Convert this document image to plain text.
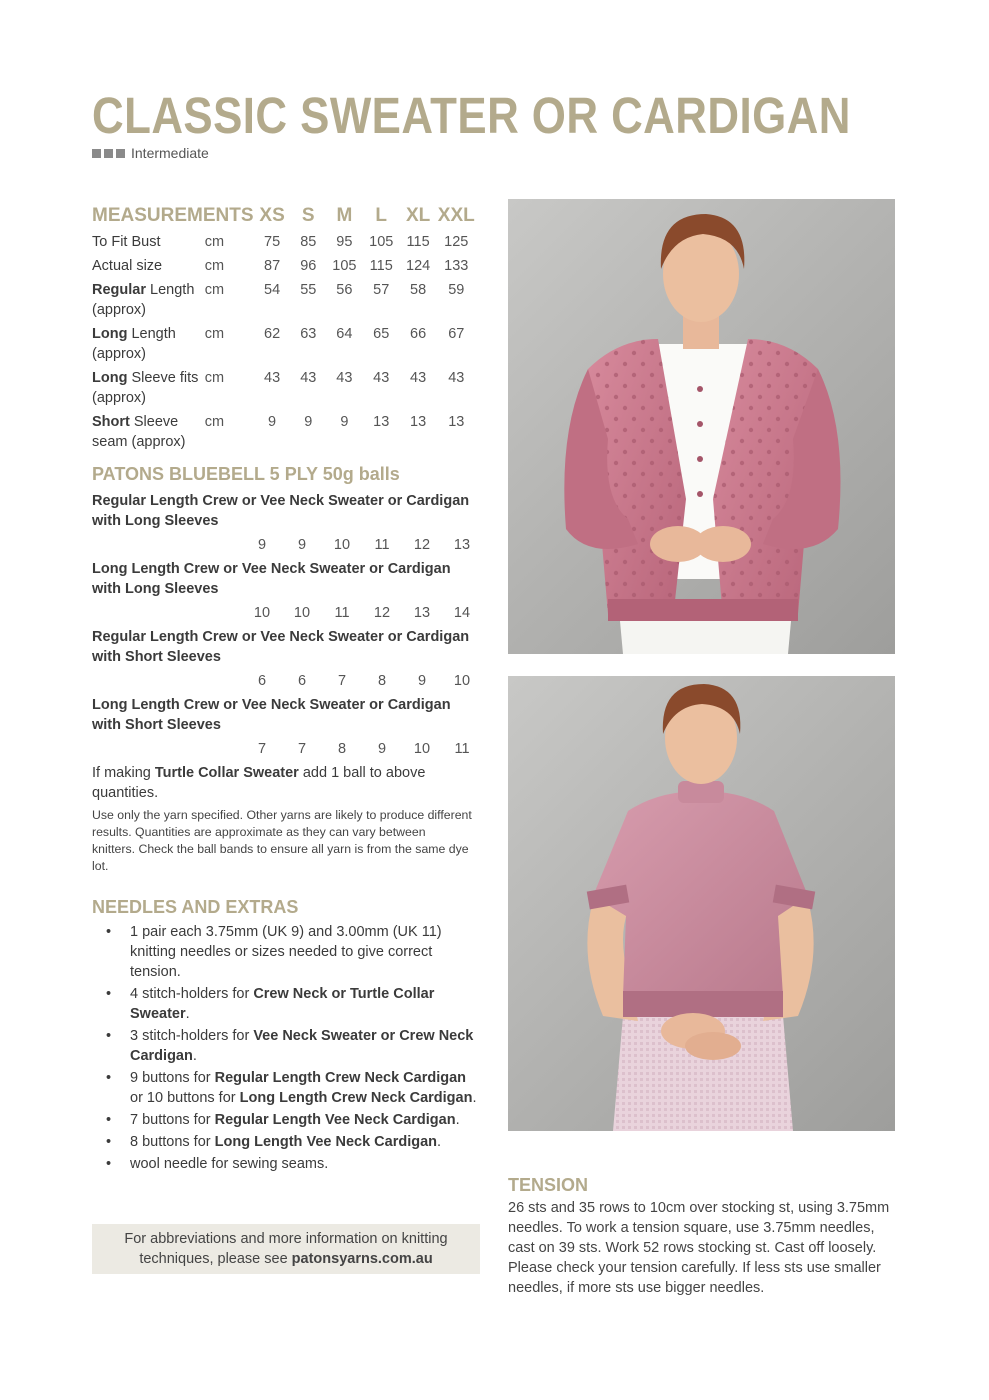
CLASSIC SWEATER OR CARDIGAN
Intermediate
MEASUREMENTS		XS	S	M	L	XL	XXL
To Fit Bust	cm	75	85	95	105	115	125
Actual size	cm	87	96	105	115	124	133
Regular Length (approx)	cm	54	55	56	57	58	59
Long Length (approx)	cm	62	63	64	65	66	67
Long Sleeve fits (approx)	cm	43	43	43	43	43	43
Short Sleeve seam (approx)	cm	9	9	9	13	13	13
PATONS BLUEBELL 5 PLY 50g balls
Regular Length Crew or Vee Neck Sweater or Cardigan with Long Sleeves
9	9	10	11	12	13
Long Length Crew or Vee Neck Sweater or Cardigan with Long Sleeves
10	10	11	12	13	14
Regular Length Crew or Vee Neck Sweater or Cardigan with Short Sleeves
6	6	7	8	9	10
Long Length Crew or Vee Neck Sweater or Cardigan with Short Sleeves
7	7	8	9	10	11
If making Turtle Collar Sweater add 1 ball to above quantities.
Use only the yarn specified. Other yarns are likely to produce different results. Quantities are approximate as they can vary between knitters. Check the ball bands to ensure all yarn is from the same dye lot.
NEEDLES AND EXTRAS
• 1 pair each 3.75mm (UK 9) and 3.00mm (UK 11) knitting needles or sizes needed to give correct tension.
• 4 stitch-holders for Crew Neck or Turtle Collar Sweater.
• 3 stitch-holders for Vee Neck Sweater or Crew Neck Cardigan.
• 9 buttons for Regular Length Crew Neck Cardigan or 10 buttons for Long Length Crew Neck Cardigan.
• 7 buttons for Regular Length Vee Neck Cardigan.
• 8 buttons for Long Length Vee Neck Cardigan.
• wool needle for sewing seams.
For abbreviations and more information on knitting techniques, please see patonsyarns.com.au
TENSION
26 sts and 35 rows to 10cm over stocking st, using 3.75mm needles. To work a tension square, use 3.75mm needles, cast on 39 sts. Work 52 rows stocking st. Cast off loosely. Please check your tension carefully. If less sts use smaller needles, if more sts use bigger needles.
